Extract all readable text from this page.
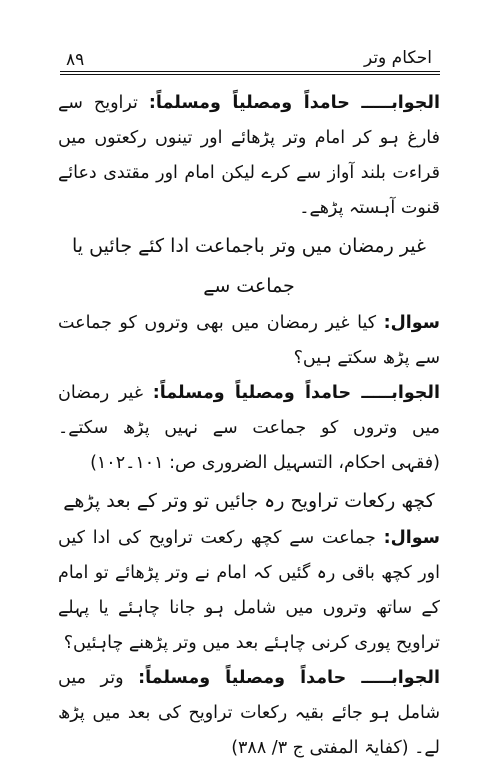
۸۹	احکام وتر

الجوابـــــ حامداً ومصلیاً ومسلماً: تراویح سے فارغ ہو کر امام وتر پڑھائے اور تینوں رکعتوں میں قراءت بلند آواز سے کرے لیکن امام اور مقتدی دعائے قنوت آہستہ پڑھے۔

غیر رمضان میں وتر باجماعت ادا کئے جائیں یا جماعت سے

سوال: کیا غیر رمضان میں بھی وتروں کو جماعت سے پڑھ سکتے ہیں؟

الجوابـــــ حامداً ومصلیاً ومسلماً: غیر رمضان میں وتروں کو جماعت سے نہیں پڑھ سکتے۔ (فقہی احکام، التسہیل الضروری ص: ۱۰۱۔۱۰۲)

کچھ رکعات تراویح رہ جائیں تو وتر کے بعد پڑھے

سوال: جماعت سے کچھ رکعت تراویح کی ادا کیں اور کچھ باقی رہ گئیں کہ امام نے وتر پڑھائے تو امام کے ساتھ وتروں میں شامل ہو جانا چاہئے یا پہلے تراویح پوری کرنی چاہئے بعد میں وتر پڑھنے چاہئیں؟

الجوابـــــ حامداً ومصلیاً ومسلماً: وتر میں شامل ہو جائے بقیہ رکعات تراویح کی بعد میں پڑھ لے۔ (کفایۃ المفتی ج ۳/ ۳۸۸)
